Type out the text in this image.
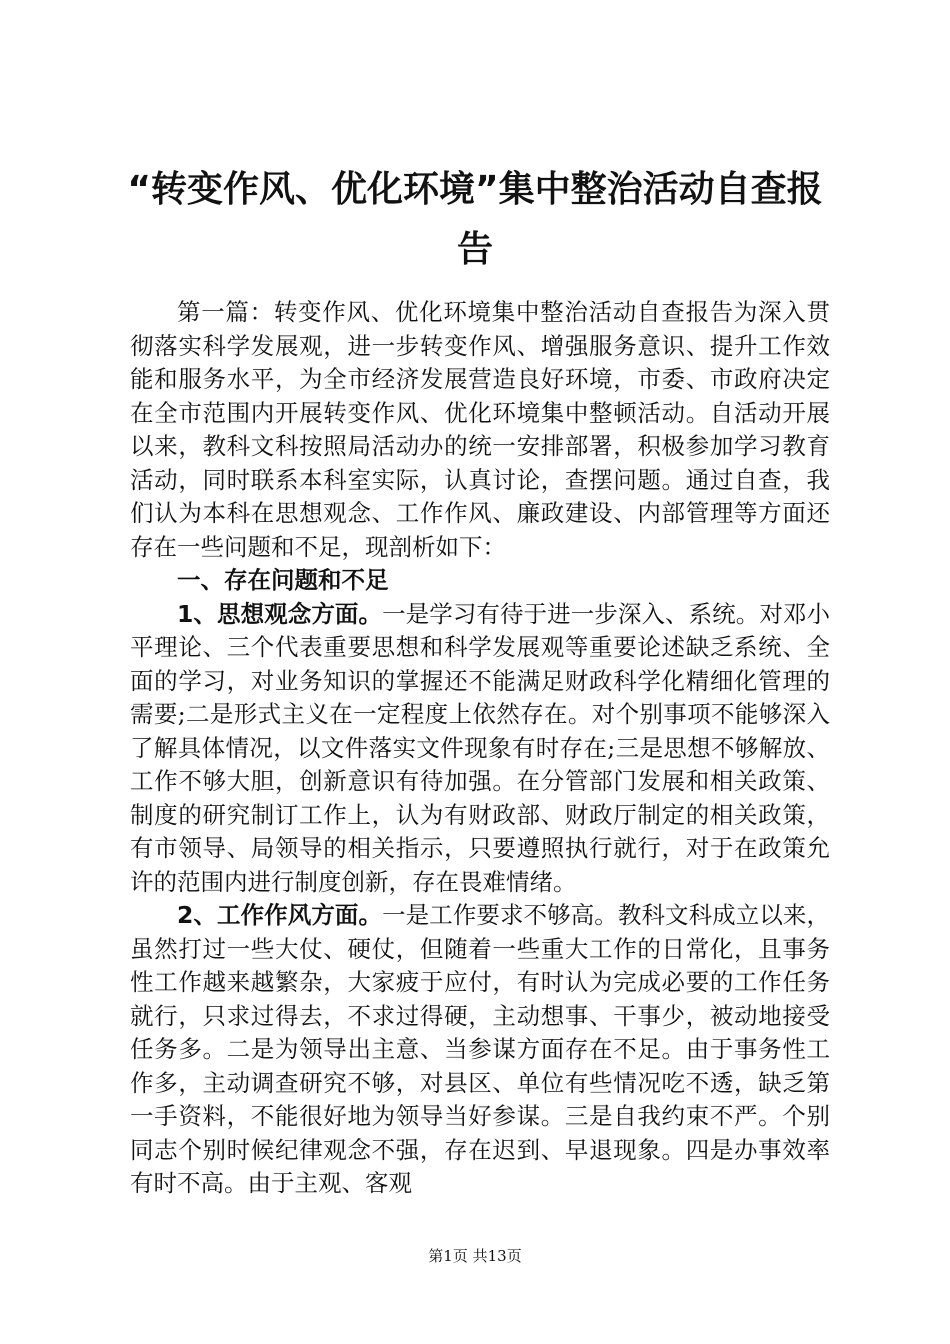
“转变作风、优化环境”集中整治活动自查报告

第一篇：转变作风、优化环境集中整治活动自查报告为深入贯彻落实科学发展观，进一步转变作风、增强服务意识、提升工作效能和服务水平，为全市经济发展营造良好环境，市委、市政府决定在全市范围内开展转变作风、优化环境集中整顿活动。自活动开展以来，教科文科按照局活动办的统一安排部署，积极参加学习教育活动，同时联系本科室实际，认真讨论，查摆问题。通过自查，我们认为本科在思想观念、工作作风、廉政建设、内部管理等方面还存在一些问题和不足，现剖析如下：

一、存在问题和不足

1、思想观念方面。一是学习有待于进一步深入、系统。对邓小平理论、三个代表重要思想和科学发展观等重要论述缺乏系统、全面的学习，对业务知识的掌握还不能满足财政科学化精细化管理的需要;二是形式主义在一定程度上依然存在。对个别事项不能够深入了解具体情况，以文件落实文件现象有时存在;三是思想不够解放、工作不够大胆，创新意识有待加强。在分管部门发展和相关政策、制度的研究制订工作上，认为有财政部、财政厅制定的相关政策，有市领导、局领导的相关指示，只要遵照执行就行，对于在政策允许的范围内进行制度创新，存在畏难情绪。

2、工作作风方面。一是工作要求不够高。教科文科成立以来，虽然打过一些大仗、硬仗，但随着一些重大工作的日常化，且事务性工作越来越繁杂，大家疲于应付，有时认为完成必要的工作任务就行，只求过得去，不求过得硬，主动想事、干事少，被动地接受任务多。二是为领导出主意、当参谋方面存在不足。由于事务性工作多，主动调查研究不够，对县区、单位有些情况吃不透，缺乏第一手资料，不能很好地为领导当好参谋。三是自我约束不严。个别同志个别时候纪律观念不强，存在迟到、早退现象。四是办事效率有时不高。由于主观、客观

第1页 共13页
